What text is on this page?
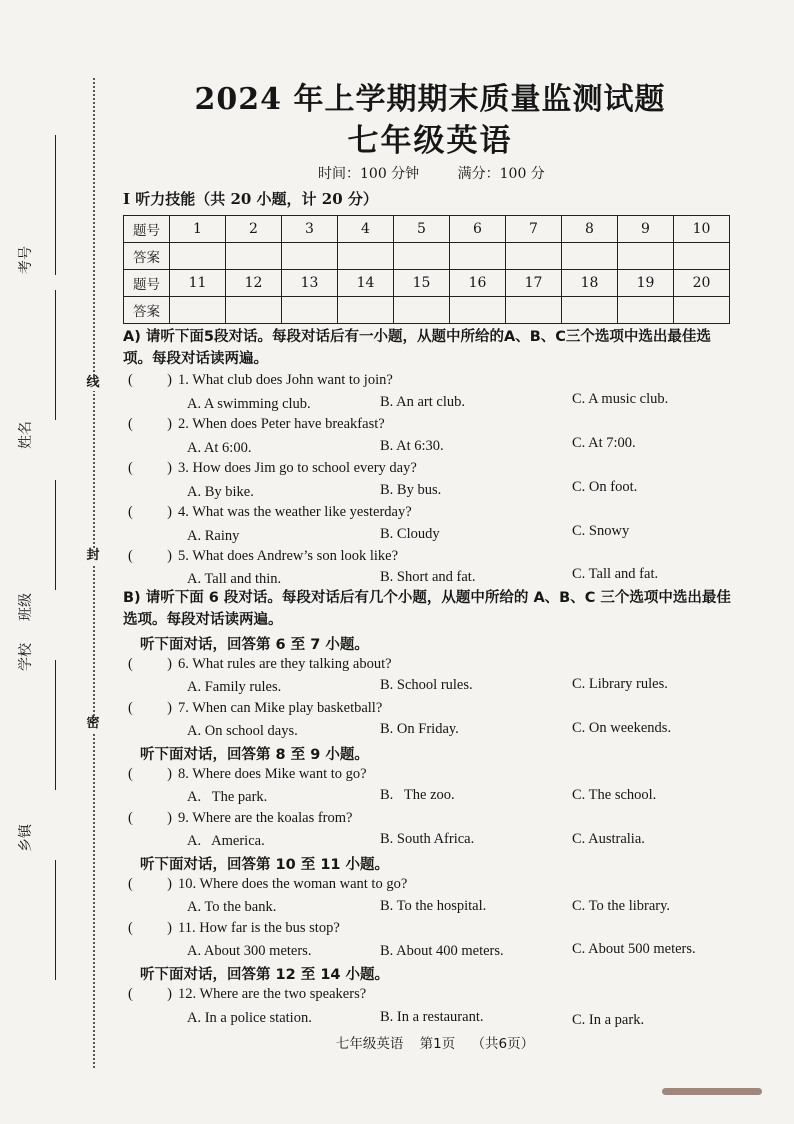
线
封
密
考号
姓名
班级
学校
乡镇
2024 年上学期期末质量监测试题
七年级英语
时间：100 分钟	满分：100 分
I 听力技能（共 20 小题，计 20 分）
题号	1	2	3	4	5	6	7	8	9	10
答案										
题号	11	12	13	14	15	16	17	18	19	20
答案										
A) 请听下面5段对话。每段对话后有一小题，从题中所给的A、B、C三个选项中选出最佳选项。每段对话读两遍。
( )1. What club does John want to join?
A. A swimming club.	B. An art club.	C. A music club.
( )2. When does Peter have breakfast?
A. At 6:00.	B. At 6:30.	C. At 7:00.
( )3. How does Jim go to school every day?
A. By bike.	B. By bus.	C. On foot.
( )4. What was the weather like yesterday?
A. Rainy	B. Cloudy	C. Snowy
( )5. What does Andrew’s son look like?
A. Tall and thin.	B. Short and fat.	C. Tall and fat.
B) 请听下面 6 段对话。每段对话后有几个小题，从题中所给的 A、B、C 三个选项中选出最佳选项。每段对话读两遍。
听下面对话，回答第 6 至 7 小题。
( )6. What rules are they talking about?
A. Family rules.	B. School rules.	C. Library rules.
( )7. When can Mike play basketball?
A. On school days.	B. On Friday.	C. On weekends.
听下面对话，回答第 8 至 9 小题。
( )8. Where does Mike want to go?
A.   The park.	B.   The zoo.	C. The school.
( )9. Where are the koalas from?
A.   America.	B. South Africa.	C. Australia.
听下面对话，回答第 10 至 11 小题。
( )10. Where does the woman want to go?
A. To the bank.	B. To the hospital.	C. To the library.
( )11. How far is the bus stop?
A. About 300 meters.	B. About 400 meters.	C. About 500 meters.
听下面对话，回答第 12 至 14 小题。
( )12. Where are the two speakers?
A. In a police station.	B. In a restaurant.	C. In a park.
七年级英语 第1页 （共6页）
